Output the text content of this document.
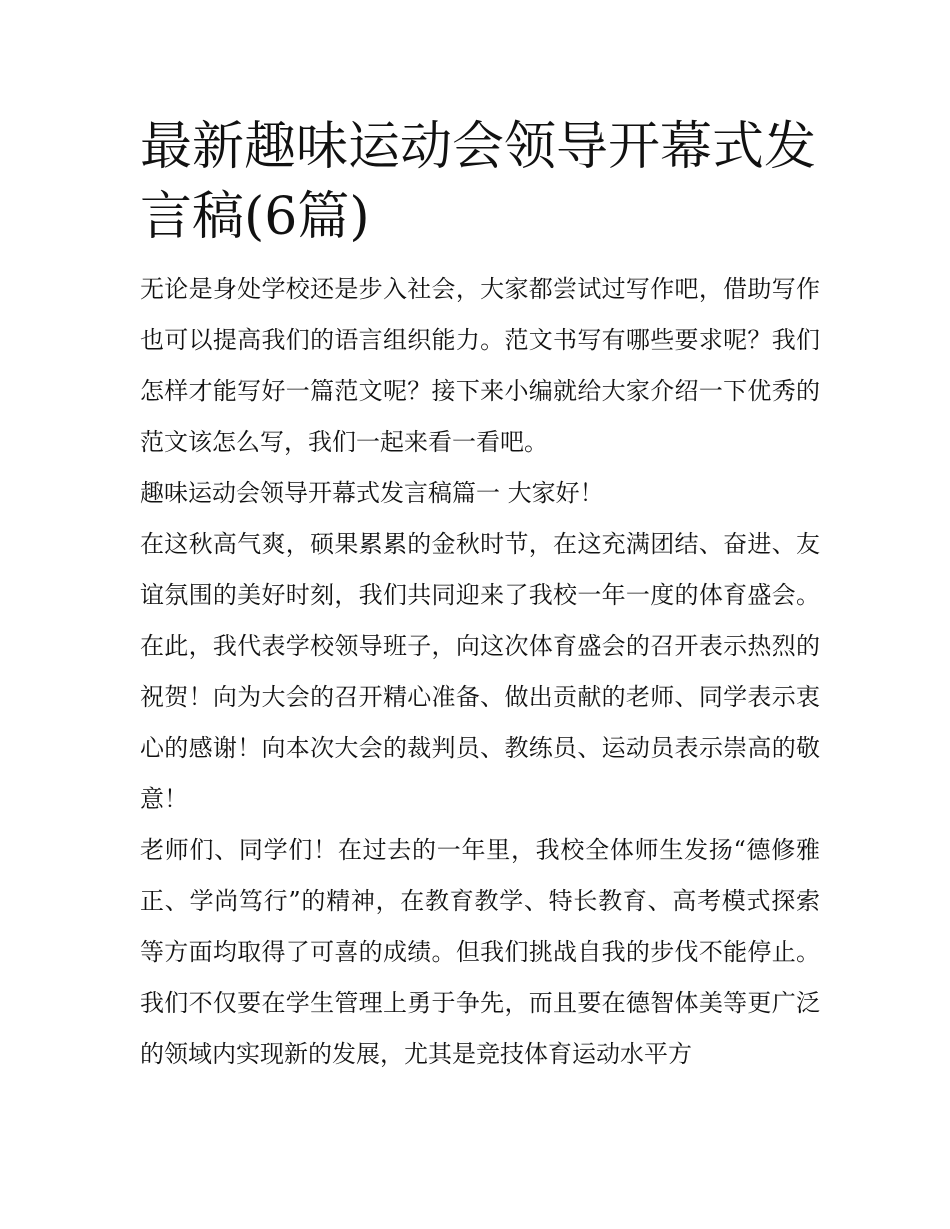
最新趣味运动会领导开幕式发言稿(6篇)

无论是身处学校还是步入社会，大家都尝试过写作吧，借助写作也可以提高我们的语言组织能力。范文书写有哪些要求呢？我们怎样才能写好一篇范文呢？接下来小编就给大家介绍一下优秀的范文该怎么写，我们一起来看一看吧。

趣味运动会领导开幕式发言稿篇一 大家好！

在这秋高气爽，硕果累累的金秋时节，在这充满团结、奋进、友谊氛围的美好时刻，我们共同迎来了我校一年一度的体育盛会。在此，我代表学校领导班子，向这次体育盛会的召开表示热烈的祝贺！向为大会的召开精心准备、做出贡献的老师、同学表示衷心的感谢！向本次大会的裁判员、教练员、运动员表示崇高的敬意！

老师们、同学们！在过去的一年里，我校全体师生发扬“德修雅正、学尚笃行”的精神，在教育教学、特长教育、高考模式探索等方面均取得了可喜的成绩。但我们挑战自我的步伐不能停止。我们不仅要在学生管理上勇于争先，而且要在德智体美等更广泛的领域内实现新的发展，尤其是竞技体育运动水平方
